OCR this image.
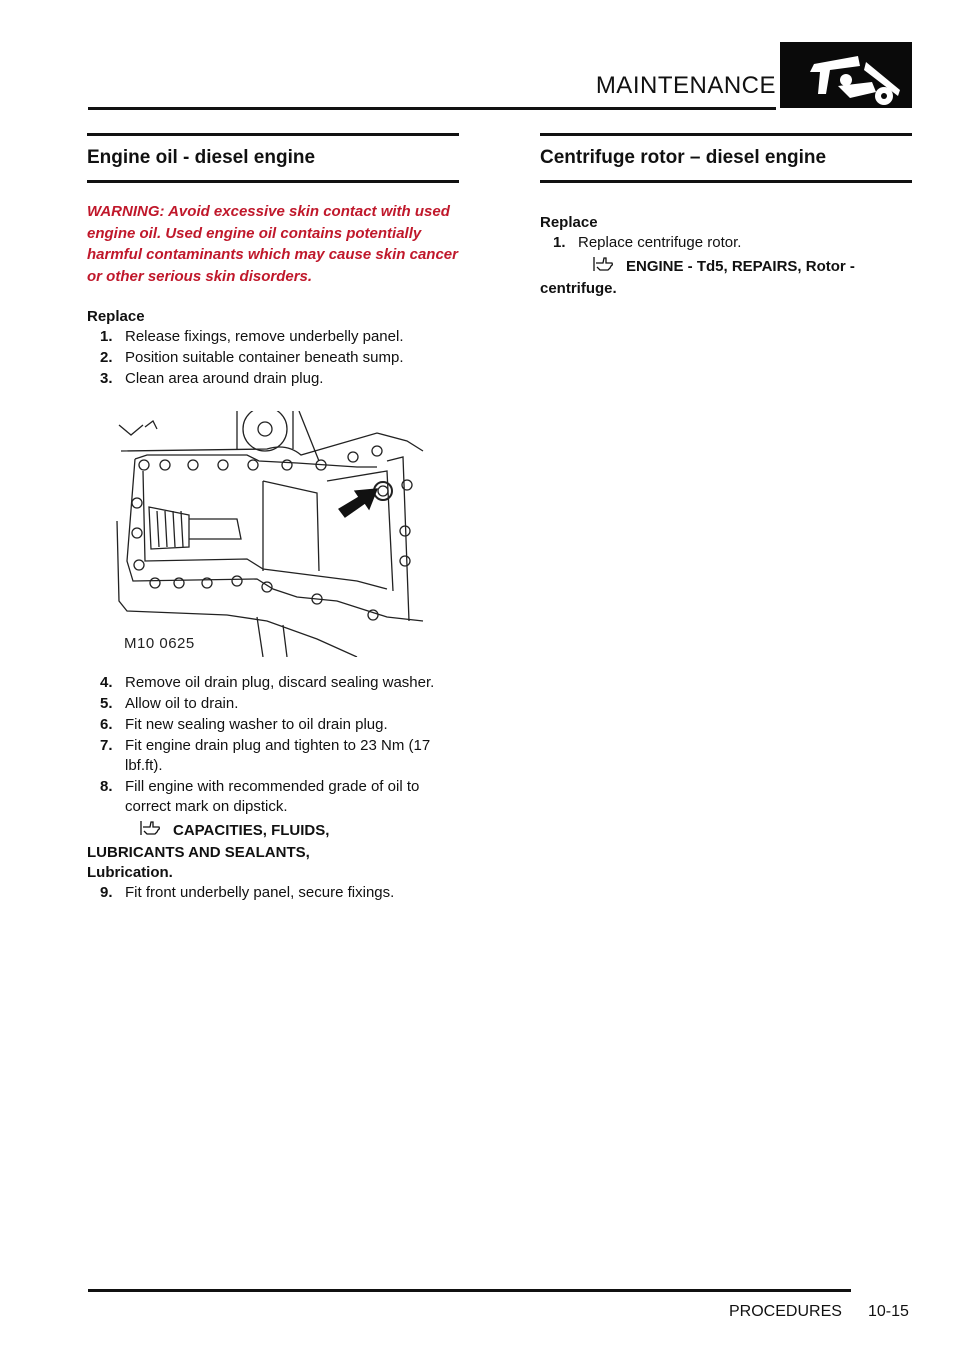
MAINTENANCE
Engine oil - diesel engine
WARNING: Avoid excessive skin contact with used engine oil. Used engine oil contains potentially harmful contaminants which may cause skin cancer or other serious skin disorders.
Replace
1. Release fixings, remove underbelly panel.
2. Position suitable container beneath sump.
3. Clean area around drain plug.
M10 0625
4. Remove oil drain plug, discard sealing washer.
5. Allow oil to drain.
6. Fit new sealing washer to oil drain plug.
7. Fit engine drain plug and tighten to 23 Nm (17 lbf.ft).
8. Fill engine with recommended grade of oil to correct mark on dipstick.
CAPACITIES, FLUIDS,
LUBRICANTS AND SEALANTS,
Lubrication.
9. Fit front underbelly panel, secure fixings.
Centrifuge rotor – diesel engine
Replace
1. Replace centrifuge rotor.
ENGINE - Td5, REPAIRS, Rotor -
centrifuge.
PROCEDURES 10-15
